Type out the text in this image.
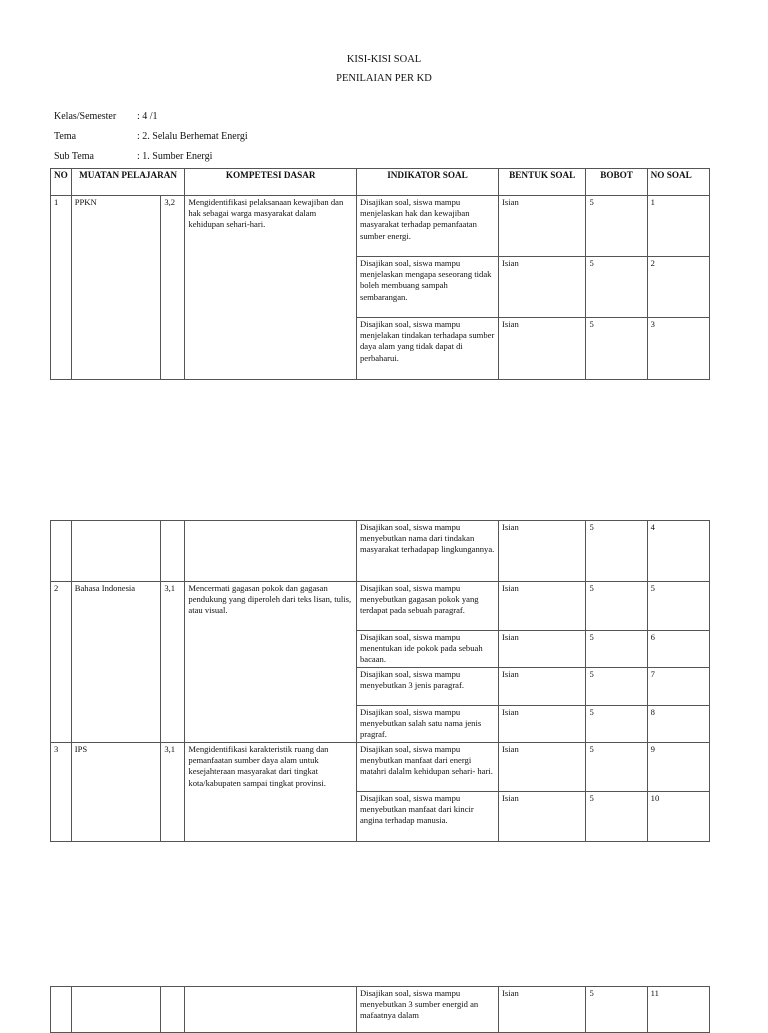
KISI-KISI SOAL
PENILAIAN PER KD
Kelas/Semester : 4 /1
Tema	: 2. Selalu Berhemat Energi
Sub Tema	: 1. Sumber Energi
NO	MUATAN PELAJARAN		KOMPETESI DASAR	INDIKATOR SOAL	BENTUK SOAL	BOBOT	NO SOAL
1	PPKN	3,2	Mengidentifikasi pelaksanaan kewajiban dan hak sebagai warga masyarakat dalam kehidupan sehari-hari.	Disajikan soal, siswa mampu menjelaskan hak dan kewajiban masyarakat terhadap pemanfaatan sumber energi.	Isian	5	1
				Disajikan soal, siswa mampu menjelaskan mengapa seseorang tidak boleh membuang sampah sembarangan.	Isian	5	2
				Disajikan soal, siswa mampu menjelakan tindakan terhadapa sumber daya alam yang tidak dapat di perbaharui.	Isian	5	3
				Disajikan soal, siswa mampu menyebutkan nama dari tindakan masyarakat terhadapap lingkungannya.	Isian	5	4
2	Bahasa Indonesia	3,1	Mencermati gagasan pokok dan gagasan pendukung yang diperoleh dari teks lisan, tulis, atau visual.	Disajikan soal, siswa mampu menyebutkan gagasan pokok yang terdapat pada sebuah paragraf.	Isian	5	5
				Disajikan soal, siswa mampu menentukan ide pokok pada sebuah bacaan.	Isian	5	6
				Disajikan soal, siswa mampu menyebutkan 3 jenis paragraf.	Isian	5	7
				Disajikan soal, siswa mampu menyebutkan salah satu nama jenis pragraf.	Isian	5	8
3	IPS	3,1	Mengidentifikasi karakteristik ruang dan pemanfaatan sumber daya alam untuk kesejahteraan masyarakat dari tingkat kota/kabupaten sampai tingkat provinsi.	Disajikan soal, siswa mampu menybutkan manfaat dari energi matahri dalalm kehidupan sehari- hari.	Isian	5	9
				Disajikan soal, siswa mampu menyebutkan manfaat dari kincir angina terhadap manusia.	Isian	5	10
				Disajikan soal, siswa mampu menyebutkan 3 sumber energid an mafaatnya dalam	Isian	5	11
